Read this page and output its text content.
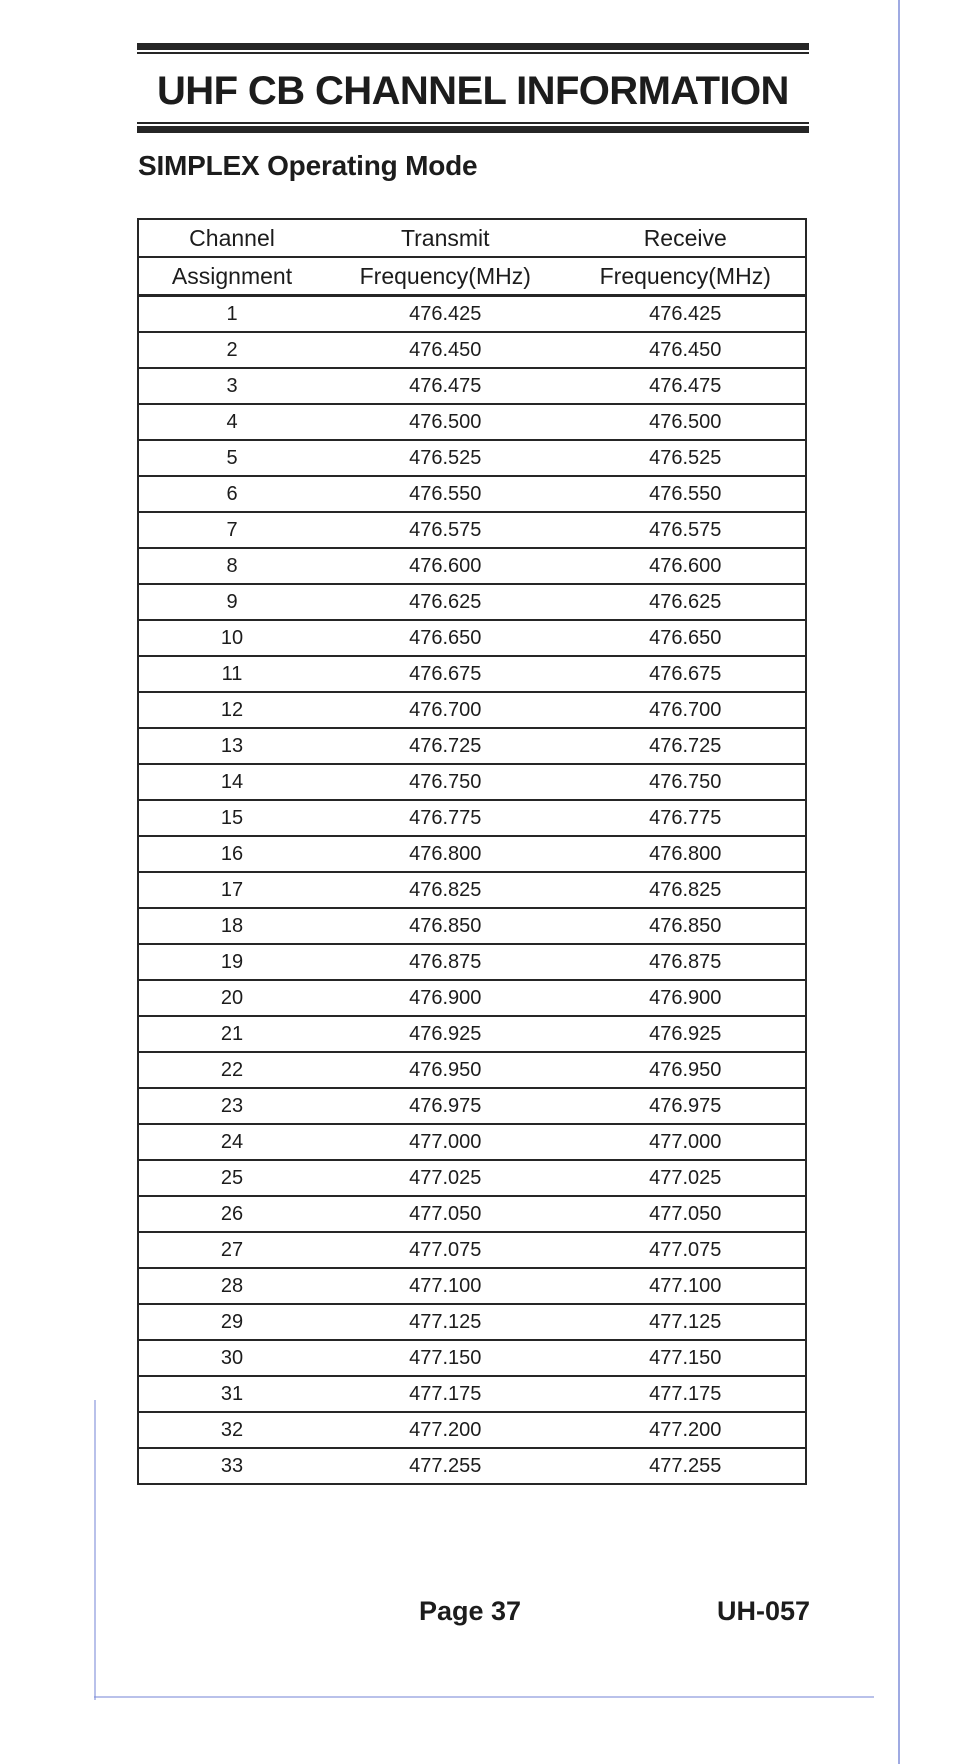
UHF CB CHANNEL INFORMATION
SIMPLEX Operating Mode
Channel	Transmit	Receive
Assignment	Frequency(MHz)	Frequency(MHz)
1	476.425	476.425
2	476.450	476.450
3	476.475	476.475
4	476.500	476.500
5	476.525	476.525
6	476.550	476.550
7	476.575	476.575
8	476.600	476.600
9	476.625	476.625
10	476.650	476.650
11	476.675	476.675
12	476.700	476.700
13	476.725	476.725
14	476.750	476.750
15	476.775	476.775
16	476.800	476.800
17	476.825	476.825
18	476.850	476.850
19	476.875	476.875
20	476.900	476.900
21	476.925	476.925
22	476.950	476.950
23	476.975	476.975
24	477.000	477.000
25	477.025	477.025
26	477.050	477.050
27	477.075	477.075
28	477.100	477.100
29	477.125	477.125
30	477.150	477.150
31	477.175	477.175
32	477.200	477.200
33	477.255	477.255
Page 37	UH-057
